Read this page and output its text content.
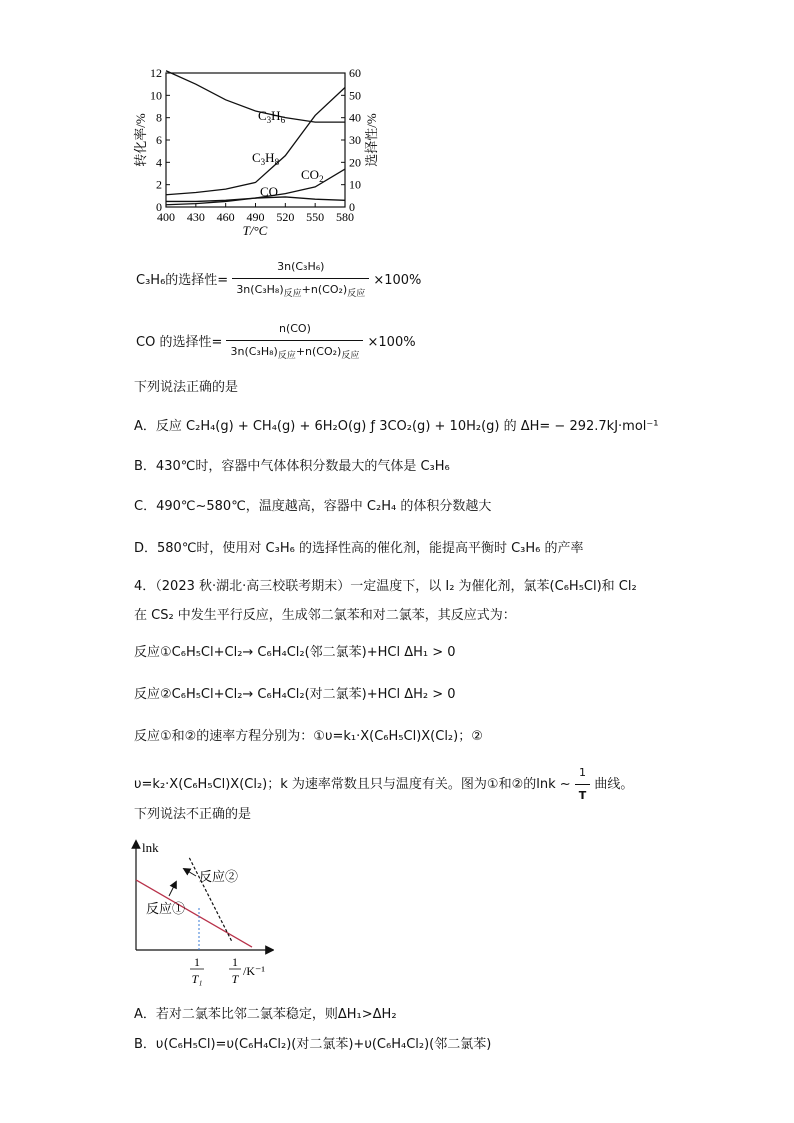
400 430 460 490 520 550 580
0
2
4
6
8
10
12
0
10
20
30
40
50
60
转化率/%	选择性/%
T/°C
$C_3H_6$
$C_3H_8$
$CO_2$
CO
C₃H₆的选择性= $\frac{\text{3n(C₃H₆)}}{3n(C_3H_8)_{反应}+n(CO_2)_{反应}} \times 100\%$
CO 的选择性= $\frac{n(CO)}{3n(C_3H_8)_{反应}+n(CO_2)_{反应}} \times 100\%$
下列说法正确的是
A．反应 C₂H₄(g) + CH₄(g) + 6H₂O(g) ƒ 3CO₂(g) + 10H₂(g) 的 ΔH= − 292.7kJ·mol⁻¹
B．430℃时，容器中气体体积分数最大的气体是 C₃H₆
C．490℃~580℃，温度越高，容器中 C₂H₄ 的体积分数越大
D．580℃时，使用对 C₃H₆ 的选择性高的催化剂，能提高平衡时 C₃H₆ 的产率
4．（2023 秋·湖北·高三校联考期末）一定温度下，以 I₂ 为催化剂，氯苯(C₆H₅Cl)和 Cl₂
在 CS₂ 中发生平行反应，生成邻二氯苯和对二氯苯，其反应式为：
反应①C₆H₅Cl+Cl₂→ C₆H₄Cl₂(邻二氯苯)+HCl ΔH₁ > 0
反应②C₆H₅Cl+Cl₂→ C₆H₄Cl₂(对二氯苯)+HCl ΔH₂ > 0
反应①和②的速率方程分别为：①υ=k₁·X(C₆H₅Cl)X(Cl₂)；②
υ=k₂·X(C₆H₅Cl)X(Cl₂)；k 为速率常数且只与温度有关。图为①和②的lnk ~ $\frac{1}{T}$ 曲线。
下列说法不正确的是
lnk
反应②
反应①
1
T₁
1
T
/K⁻¹
A．若对二氯苯比邻二氯苯稳定，则ΔH₁>ΔH₂
B．υ(C₆H₅Cl)=υ(C₆H₄Cl₂)(对二氯苯)+υ(C₆H₄Cl₂)(邻二氯苯)
